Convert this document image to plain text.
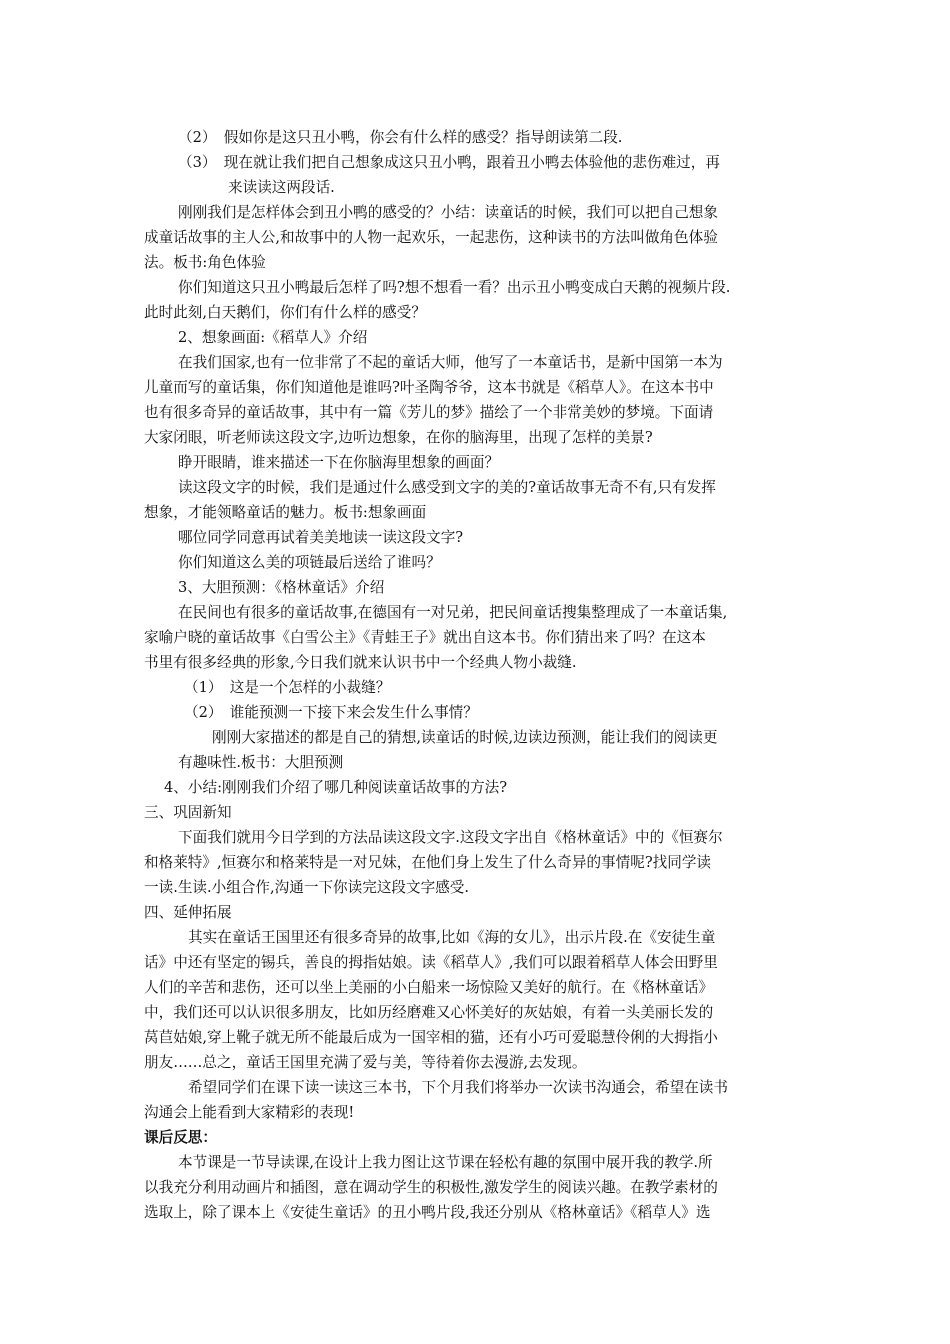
（2）　假如你是这只丑小鸭，你会有什么样的感受？指导朗读第二段.
（3）　现在就让我们把自己想象成这只丑小鸭，跟着丑小鸭去体验他的悲伤难过，再
来读读这两段话.
刚刚我们是怎样体会到丑小鸭的感受的？小结：读童话的时候，我们可以把自己想象
成童话故事的主人公,和故事中的人物一起欢乐，一起悲伤，这种读书的方法叫做角色体验
法。板书:角色体验
你们知道这只丑小鸭最后怎样了吗?想不想看一看？出示丑小鸭变成白天鹅的视频片段.
此时此刻,白天鹅们，你们有什么样的感受？
2、想象画面:《稻草人》介绍
在我们国家,也有一位非常了不起的童话大师，他写了一本童话书，是新中国第一本为
儿童而写的童话集，你们知道他是谁吗?叶圣陶爷爷，这本书就是《稻草人》。在这本书中
也有很多奇异的童话故事，其中有一篇《芳儿的梦》描绘了一个非常美妙的梦境。下面请
大家闭眼，听老师读这段文字,边听边想象，在你的脑海里，出现了怎样的美景?
睁开眼睛，谁来描述一下在你脑海里想象的画面？
读这段文字的时候，我们是通过什么感受到文字的美的?童话故事无奇不有,只有发挥
想象，才能领略童话的魅力。板书:想象画面
哪位同学同意再试着美美地读一读这段文字?
你们知道这么美的项链最后送给了谁吗？
3、大胆预测：《格林童话》介绍
在民间也有很多的童话故事,在德国有一对兄弟，把民间童话搜集整理成了一本童话集,
家喻户晓的童话故事《白雪公主》《青蛙王子》就出自这本书。你们猜出来了吗？在这本
书里有很多经典的形象,今日我们就来认识书中一个经典人物小裁缝.
（1）　这是一个怎样的小裁缝？
（2）　谁能预测一下接下来会发生什么事情？
刚刚大家描述的都是自己的猜想,读童话的时候,边读边预测，能让我们的阅读更
有趣味性.板书：大胆预测
4、小结:刚刚我们介绍了哪几种阅读童话故事的方法?
三、巩固新知
下面我们就用今日学到的方法品读这段文字.这段文字出自《格林童话》中的《恒赛尔
和格莱特》,恒赛尔和格莱特是一对兄妹，在他们身上发生了什么奇异的事情呢?找同学读
一读.生读.小组合作,沟通一下你读完这段文字感受.
四、延伸拓展
其实在童话王国里还有很多奇异的故事,比如《海的女儿》，出示片段.在《安徒生童
话》中还有坚定的锡兵，善良的拇指姑娘。读《稻草人》,我们可以跟着稻草人体会田野里
人们的辛苦和悲伤，还可以坐上美丽的小白船来一场惊险又美好的航行。在《格林童话》
中，我们还可以认识很多朋友，比如历经磨难又心怀美好的灰姑娘，有着一头美丽长发的
莴苣姑娘,穿上靴子就无所不能最后成为一国宰相的猫，还有小巧可爱聪慧伶俐的大拇指小
朋友……总之，童话王国里充满了爱与美，等待着你去漫游,去发现。
希望同学们在课下读一读这三本书，下个月我们将举办一次读书沟通会，希望在读书
沟通会上能看到大家精彩的表现!
课后反思：
本节课是一节导读课,在设计上我力图让这节课在轻松有趣的氛围中展开我的教学.所
以我充分利用动画片和插图，意在调动学生的积极性,激发学生的阅读兴趣。在教学素材的
选取上，除了课本上《安徒生童话》的丑小鸭片段,我还分别从《格林童话》《稻草人》选
